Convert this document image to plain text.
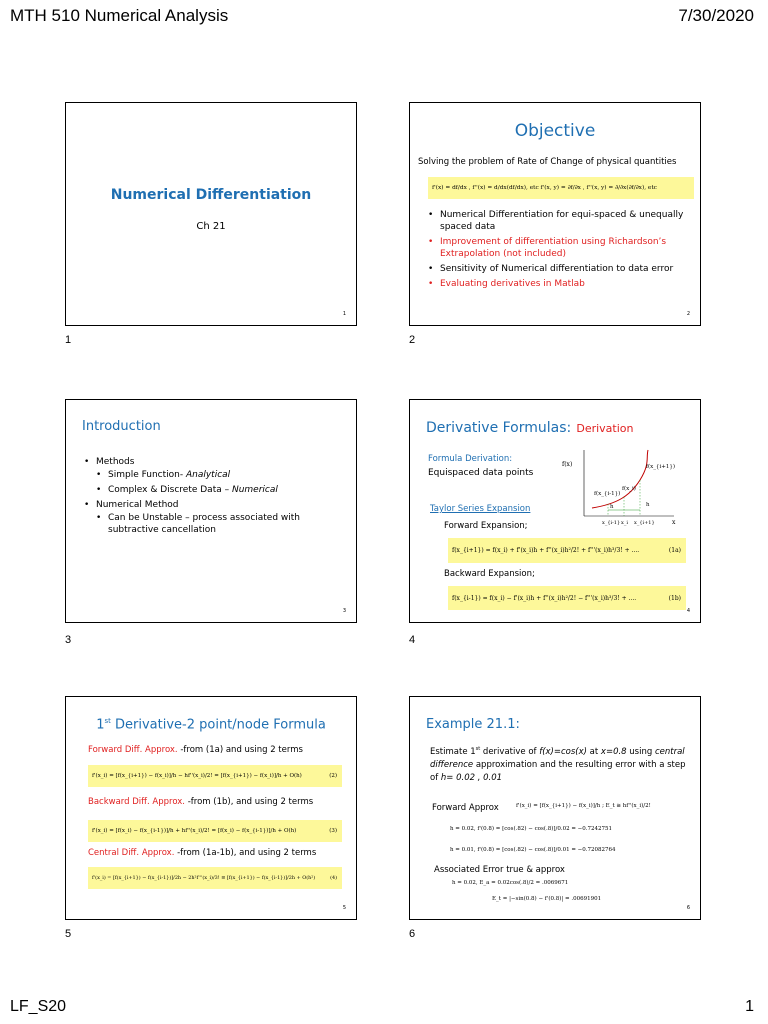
MTH 510 Numerical Analysis	7/30/2020
Numerical Differentiation
Ch 21
1
1
Objective
Solving the problem of Rate of Change of physical quantities
f'(x) = df/dx , f''(x) = d/dx(df/dx), etc f'(x, y) = ∂f/∂x , f''(x, y) = ∂/∂x(∂f/∂x), etc
• Numerical Differentiation for equi-spaced & unequally spaced data
• Improvement of differentiation using Richardson’s Extrapolation (not included)
• Sensitivity of Numerical differentiation to data error
• Evaluating derivatives in Matlab
2
2
Introduction
• Methods
• Simple Function- Analytical
• Complex & Discrete Data – Numerical
• Numerical Method
• Can be Unstable – process associated with subtractive cancellation
3
3
Derivative Formulas: Derivation
Formula Derivation:
Equispaced data points
Taylor Series Expansion
Forward Expansion;
f(x_{i+1}) = f(x_i) + f'(x_i)h + f''(x_i)h²/2! + f'''(x_i)h³/3! + ....	(1a)
Backward Expansion;
f(x_{i-1}) = f(x_i) − f'(x_i)h + f''(x_i)h²/2! − f'''(x_i)h³/3! + ....	(1b)
f(x)
x
f(x_{i+1})
f(x_i)
f(x_{i-1})
h	h
x_{i-1} x_i x_{i+1}
4
4
1st Derivative-2 point/node Formula
Forward Diff. Approx. -from (1a) and using 2 terms
f'(x_i) = [f(x_{i+1}) − f(x_i)]/h − hf''(x_i)/2! = [f(x_{i+1}) − f(x_i)]/h + O(h)	(2)
Backward Diff. Approx. -from (1b), and using 2 terms
f'(x_i) = [f(x_i) − f(x_{i-1})]/h + hf''(x_i)/2! = [f(x_i) − f(x_{i-1})]/h + O(h)	(3)
Central Diff. Approx. -from (1a-1b), and using 2 terms
f'(x_i) = [f(x_{i+1}) − f(x_{i-1})]/2h − 2h²f'''(x_i)/3! ≅ [f(x_{i+1}) − f(x_{i-1})]/2h + O(h²)	(4)
5
5
Example 21.1:
Estimate 1st derivative of f(x)=cos(x) at x=0.8 using central difference approximation and the resulting error with a step of h= 0.02 , 0.01
Forward Approx	f'(x_i) = [f(x_{i+1}) − f(x_i)]/h ; E_t ≅ hf''(x_i)/2!
h = 0.02, f'(0.8) = [cos(.82) − cos(.8)]/0.02 = −0.7242751
h = 0.01, f'(0.8) = [cos(.82) − cos(.8)]/0.01 = −0.72082764
Associated Error true & approx
h = 0.02, E_a = 0.02cos(.8)/2 = .0069671
E_t = |−sin(0.8) − f'(0.8)| = .00691901
6
6
LF_S20	1
